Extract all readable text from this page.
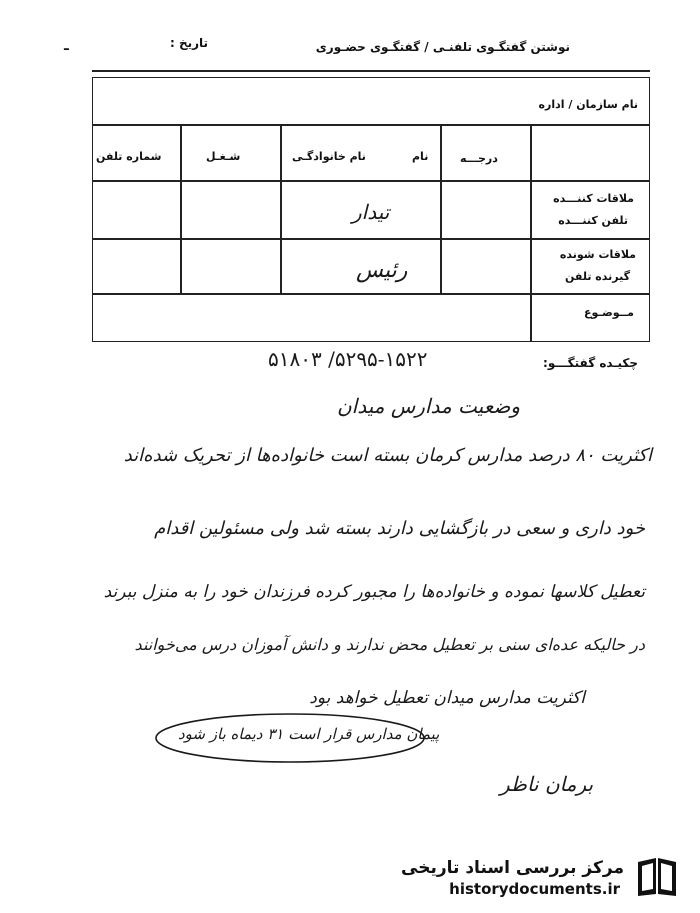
نوشتن گفتگـوی تلفنـی / گفتگـوی حضـوری
تاریخ :
ـ
نام سازمان / اداره
درجـــه
نام
نام خانوادگـی
شـغـل
شماره تلفن
ملاقات کننـــده
تلفن کننـــده
ملاقات شونده
گیرنده تلفن
مــوضـوع
تیدار
رئیس
چکیـده گفتگـــو:
۵۲۹۵-۱۵۲۲/ ۵۱۸۰۳
وضعیت مدارس میدان
اکثریت ۸۰ درصد مدارس کرمان بسته است خانواده‌ها از تحریک شده‌اند
خود داری و سعی در بازگشایی دارند بسته شد ولی مسئولین اقدام
تعطیل کلاسها نموده و خانواده‌ها را مجبور کرده فرزندان خود را به منزل ببرند
در حالیکه عده‌ای سنی بر تعطیل محض ندارند و دانش آموزان درس می‌خوانند
اکثریت مدارس میدان تعطیل خواهد بود
پیمان مدارس قرار است ۳۱ دیماه باز شود
برمان ناظر
مرکز بررسی اسناد تاریخی
historydocuments.ir
